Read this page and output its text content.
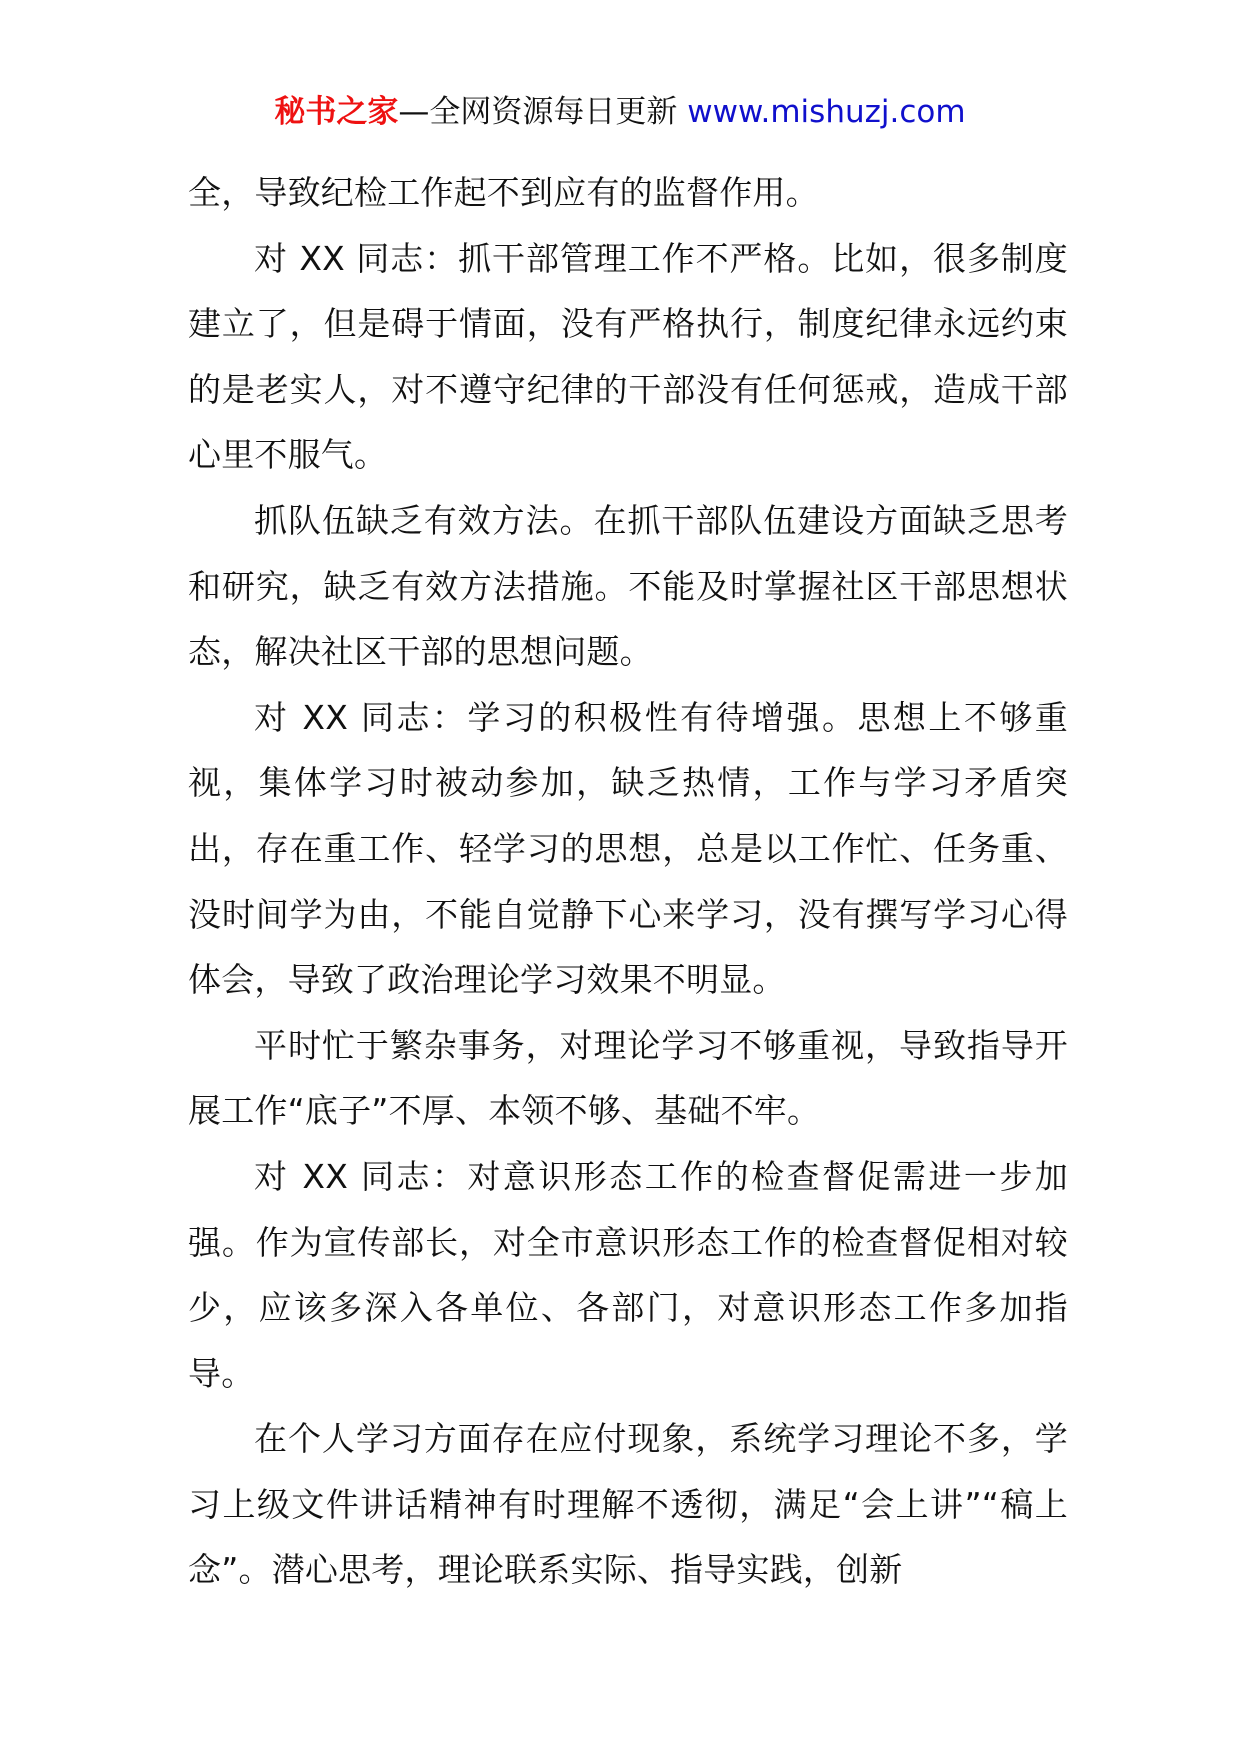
秘书之家—全网资源每日更新 www.mishuzj.com

全，导致纪检工作起不到应有的监督作用。

对 XX 同志：抓干部管理工作不严格。比如，很多制度建立了，但是碍于情面，没有严格执行，制度纪律永远约束的是老实人，对不遵守纪律的干部没有任何惩戒，造成干部心里不服气。

抓队伍缺乏有效方法。在抓干部队伍建设方面缺乏思考和研究，缺乏有效方法措施。不能及时掌握社区干部思想状态，解决社区干部的思想问题。

对 XX 同志：学习的积极性有待增强。思想上不够重视，集体学习时被动参加，缺乏热情，工作与学习矛盾突出，存在重工作、轻学习的思想，总是以工作忙、任务重、没时间学为由，不能自觉静下心来学习，没有撰写学习心得体会，导致了政治理论学习效果不明显。

平时忙于繁杂事务，对理论学习不够重视，导致指导开展工作“底子”不厚、本领不够、基础不牢。

对 XX 同志：对意识形态工作的检查督促需进一步加强。作为宣传部长，对全市意识形态工作的检查督促相对较少，应该多深入各单位、各部门，对意识形态工作多加指导。

在个人学习方面存在应付现象，系统学习理论不多，学习上级文件讲话精神有时理解不透彻，满足“会上讲”“稿上念”。潜心思考，理论联系实际、指导实践，创新
